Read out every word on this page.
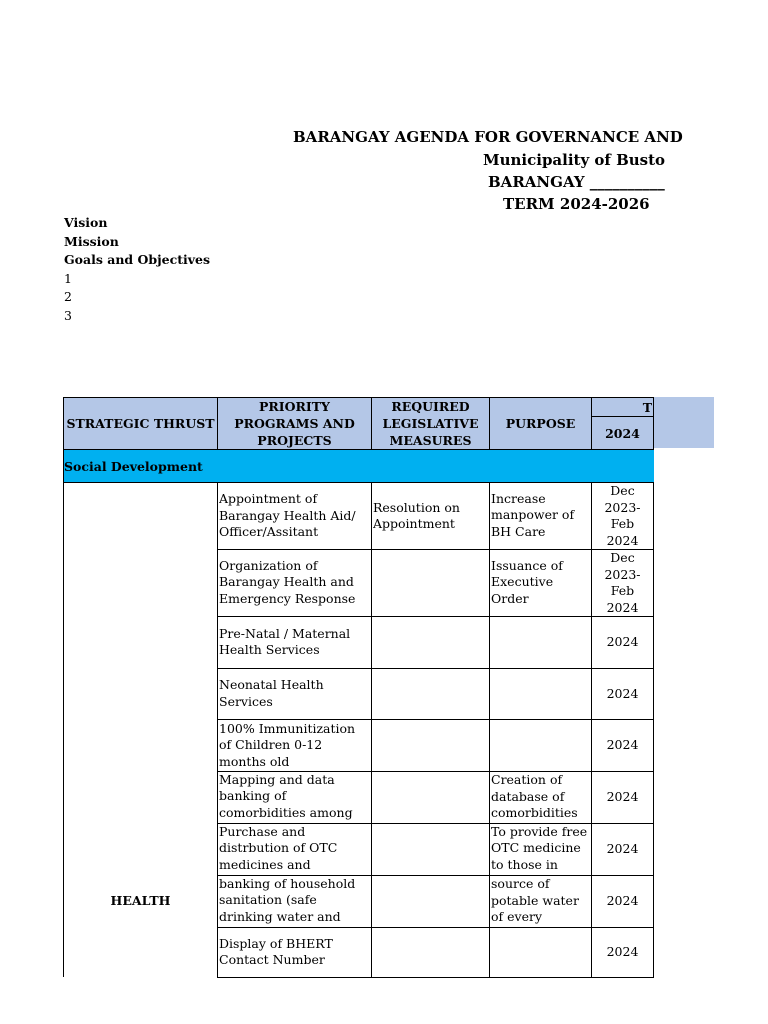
BARANGAY AGENDA FOR GOVERNANCE AND
Municipality of Busto
BARANGAY __________
TERM 2024-2026
Vision
Mission
Goals and Objectives
1
2
3
STRATEGIC THRUST	PRIORITY PROGRAMS AND PROJECTS	REQUIRED LEGISLATIVE MEASURES	PURPOSE	T
				2024
Social Development				
HEALTH	Appointment of Barangay Health Aid/ Officer/Assitant	Resolution on Appointment	Increase manpower of BH Care	Dec 2023-Feb 2024

	Organization of Barangay Health and Emergency Response		Issuance of Executive Order	Dec 2023-Feb 2024

	Pre-Natal / Maternal Health Services			2024

	Neonatal Health Services			2024

	100% Immunitization of Children 0-12 months old			2024

	Mapping and data banking of comorbidities among		Creation of database of comorbidities	2024

	Purchase and distrbution of OTC medicines and		To provide free OTC medicine to those in	2024

	banking of household sanitation (safe drinking water and		source of potable water of every	2024

	Display of BHERT Contact Number			2024
